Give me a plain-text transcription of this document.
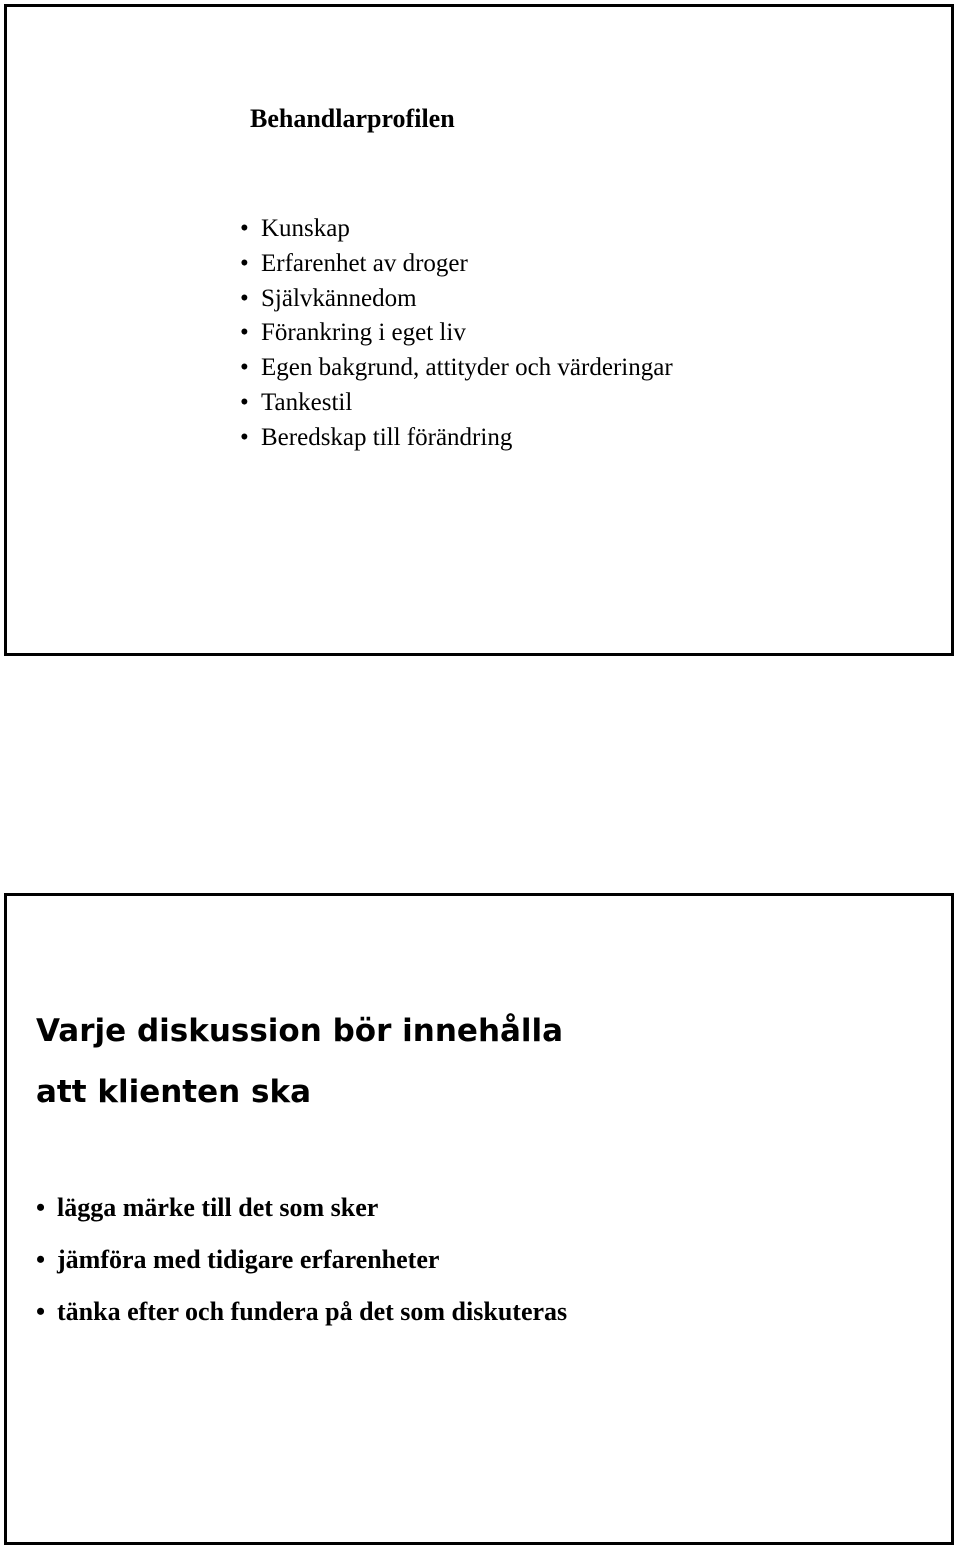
Behandlarprofilen
• Kunskap
• Erfarenhet av droger
• Självkännedom
• Förankring i eget liv
• Egen bakgrund, attityder och värderingar
• Tankestil
• Beredskap till förändring
Varje diskussion bör innehålla
att klienten ska
• lägga märke till det som sker
• jämföra med tidigare erfarenheter
• tänka efter och fundera på det som diskuteras
